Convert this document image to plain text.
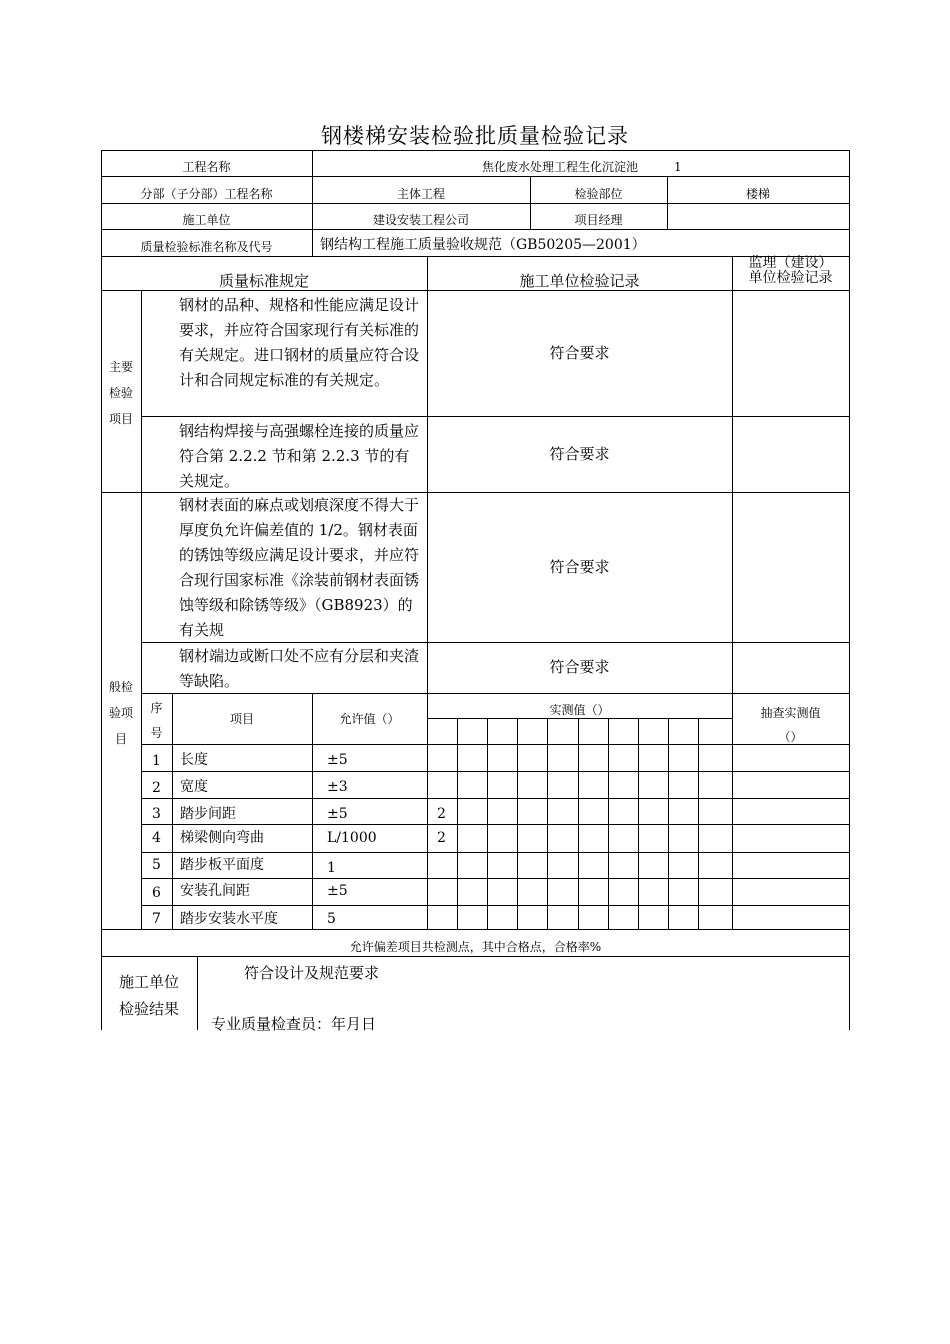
钢楼梯安装检验批质量检验记录
工程名称	焦化废水处理工程生化沉淀池	1
分部（子分部）工程名称	主体工程	检验部位	楼梯
施工单位	建设安装工程公司	项目经理
质量检验标准名称及代号	钢结构工程施工质量验收规范（GB50205—2001）
质量标准规定	施工单位检验记录
监理（建设）
单位检验记录
主要
检验
项目
钢材的品种、规格和性能应满足设计要求，并应符合国家现行有关标准的有关规定。进口钢材的质量应符合设计和合同规定标准的有关规定。
符合要求
钢结构焊接与高强螺栓连接的质量应符合第 2.2.2 节和第 2.2.3 节的有关规定。
符合要求
般检
验项
目
钢材表面的麻点或划痕深度不得大于厚度负允许偏差值的 1/2。钢材表面的锈蚀等级应满足设计要求，并应符合现行国家标准《涂装前钢材表面锈蚀等级和除锈等级》（GB8923）的有关规
符合要求
钢材端边或断口处不应有分层和夹渣等缺陷。
符合要求
序
号
项目	允许值（）
实测值（）	抽查实测值
（）
1	长度	±5
2	宽度	±3
3	踏步间距	±5	2
4	梯梁侧向弯曲	L/1000	2
5	踏步板平面度	1
6	安装孔间距	±5
7	踏步安装水平度	5
允许偏差项目共检测点，其中合格点，合格率%
施工单位
检验结果
符合设计及规范要求
专业质量检查员：年月日
